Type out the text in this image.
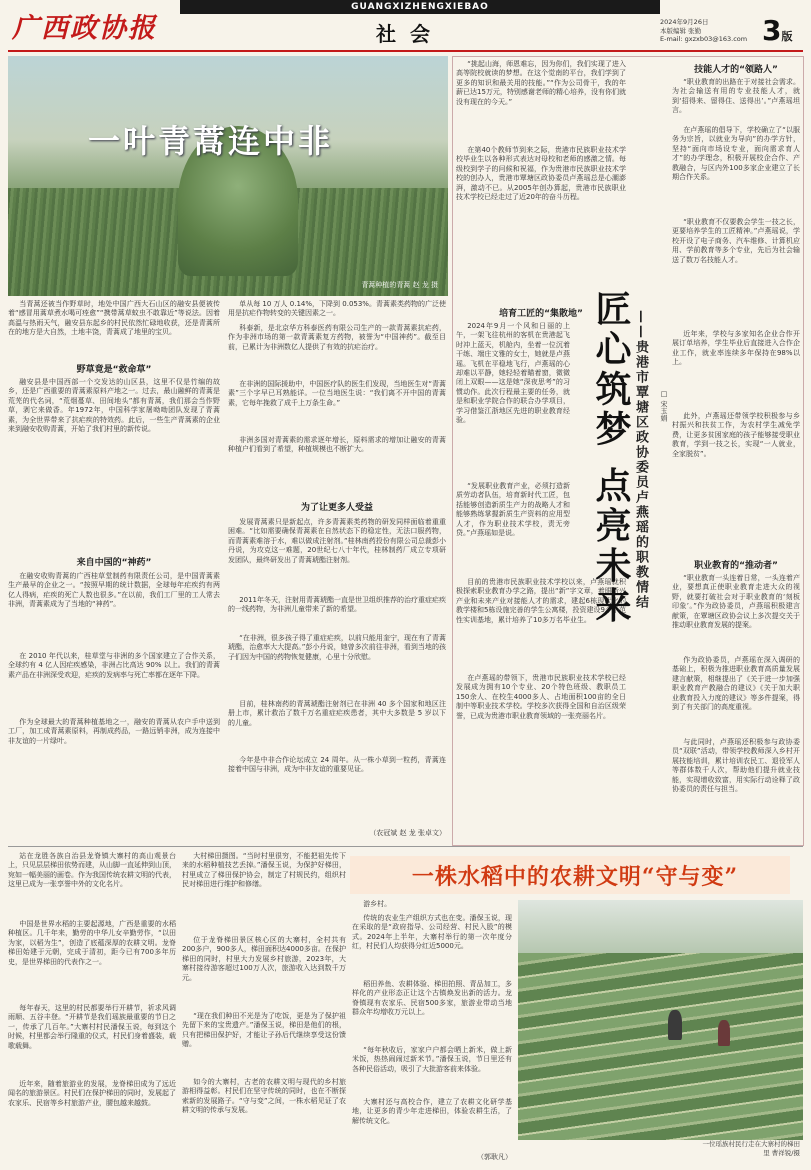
广西政协报
GUANGXIZHENGXIEBAO
社会	2024年9月26日
本版编辑 张勤
E-mail: gxzxb03@163.com 3版
一叶青蒿连中非
青蒿种植的青蒿 赵 龙 摄
当青蒿还被当作野草时，地处中国广西大石山区的融安县便被传着“感冒用蒿草煮水喝可痊愈”“携带蒿草蚊虫不敢靠近”等说法。因着高温与热雨天气，融安县东起乡的村民依然忙碌地收获，还是青蒿所在的地方是大自然，土地丰饶，青蒿成了地里的宝贝。
野草竟是“救命草”
融安县是中国西部一个交发达的山区县，这里不仅是竹编的故乡，还是广西重要的青蒿素原料产地之一。过去，最山融鲜的青蒿是荒芜的代名词，“荒烟蔓草、田间地头”都有青蒿，我们那会当作野草，剥它来做香。年1972年，中国科学家屠呦呦团队发现了青蒿素，为全世界带来了抗疟疾的特效药。此后，一些生产青蒿素的企业来到融安收购青蒿，开始了我们村里的新传说。
来自中国的“神药”
在融安收购青蒿的广西桂草堂制药有限责任公司，是中国青蒿素生产最早的企业之一。“按照早期的统计数据，全球每年疟疾约有两亿人得病，疟疾的死亡人数也很多。”在以前，我们工厂里的工人常去非洲，青蒿素成为了当地的“神药”。
在 2010 年代以来，桂草堂与非洲的多个国家建立了合作关系，全球约有 4 亿人因疟疾感染，非洲占比高达 90% 以上。我们的青蒿素产品在非洲深受欢迎，疟疾的发病率与死亡率都在逐年下降。
作为全球最大的青蒿种植基地之一，融安的青蒿从农户手中送到工厂，加工成青蒿素原料，再制成药品，一路远销非洲，成为连接中非友谊的一片绿叶。
单从每 10 万人 0.14%，下降到 0.053%。青蒿素类药物的广泛使用是抗疟作物转变的关键因素之一。
科泰新，是北京华方科泰医药有限公司生产的一款青蒿素抗疟药，作为非洲市场的第一款青蒿素复方药物，被誉为“中国神药”。截至目前，已累计为非洲数亿人提供了有效的抗疟治疗。
在非洲的国际援助中，中国医疗队的医生们发现，当地医生对“青蒿素”三个字早已耳熟能详。一位当地医生说：“我们离不开中国的青蒿素，它每年挽救了成千上万条生命。”
非洲多国对青蒿素的需求逐年增长，原料需求的增加让融安的青蒿种植户们看到了希望，种植规模也不断扩大。
为了让更多人受益
发展青蒿素只是新起点，许多青蒿素类药物的研发同样面临着重重困难。“比如需要确保青蒿素在自然状态下的稳定性，无法口服药物，而青蒿素难溶于水，难以做成注射剂。”桂林南药投份有限公司总裁彭小丹说，为攻克这一难题，20世纪七八十年代，桂林制药厂成立专项研发团队，最终研发出了青蒿琥酯注射剂。
2011年冬天，注射用青蒿琥酯一直是世卫组织推荐的治疗重症疟疾的一线药物，为非洲儿童带来了新的希望。
“在非洲，很多孩子得了重症疟疾，以前只能用奎宁，现在有了青蒿琥酯，治愈率大大提高。”彭小丹说，她曾多次前往非洲，看到当地的孩子们因为中国的药物恢复健康，心里十分欣慰。
目前，桂林南药的青蒿琥酯注射剂已在非洲 40 多个国家和地区注册上市，累计救治了数千万名重症疟疾患者，其中大多数是 5 岁以下的儿童。
今年是中非合作论坛成立 24 周年。从一株小草到一粒药，青蒿连接着中国与非洲，成为中非友谊的重要见证。
（农冠斌 赵 龙 张卓文）
“挑起山海，师恩难忘，因为你们，我们实现了进入高等院校就读的梦想。在这个觉南的平台，我们学到了更多的知识和最关用的技能。”“作为公司骨干，我的年薪已达15万元，特别感谢老师的精心培养，没有你们就没有现在的今天。”
在第40个教师节到来之际，贵港市民族职业技术学校毕业生以各种形式表达对母校和老师的感激之情。每级校到学子的问候和祝福，作为贵港市民族职业技术学校的创办人，贵港市覃塘区政协委员卢燕瑶总是心潮澎湃，激动不已。从2005年创办算起，贵港市民族职业技术学校已经走过了近20年的奋斗历程。
培育工匠的“集散地”
2024年9月一个风和日丽的上午，一架飞往杭州的客机在贵港起飞时冲上蓝天，机舱内，坐着一位沉着干练、端庄文雅的女士，她就是卢燕瑶。飞机在平稳地飞行，卢燕瑶的心却难以平静，她轻轻着瞄着窗，微微闭上双眼——这是她“深夜思考”的习惯动作。此次行程最主要的任务，就是和职业学院合作的联合办学项目，学习借鉴江浙地区先进的职业教育经验。
“发展职业教育产业，必须打造新质劳动者队伍，培育新时代工匠，包括能够创造新质生产力的战略人才和能够熟练掌握新质生产资料的应用型人才，作为职业技术学校，责无旁贷。”卢燕瑶如是说。
目前的贵港市民族职业技术学校以来，卢燕瑶就积极探索职业教育办学之路，提出“新”字文章，着眼新兴产业和未来产业对接能人才的需求，建起6栋现代化的教学楼和5栋设施完善的学生公寓楼，投资建设9个示范性实训基地，累计培养了10多万名毕业生。
在卢燕瑶的带领下，贵港市民族职业技术学校已经发展成为拥有10个专业、20个特色班级、教职员工150余人、在校生4000多人、占地面积100亩的全日制中等职业技术学校。学校多次获得全国和自治区级荣誉，已成为贵港市职业教育领域的一张亮丽名片。
匠心筑梦 点亮未来 ——贵港市覃塘区政协委员卢燕瑶的职教情结	□ 宋玉娟
技能人才的“领路人”
“职业教育的出路在于对接社会需求。为社会输送有用的专业技能人才，就到‘招得来、留得住、送得出’。”卢燕瑶坦言。
在卢燕瑶的倡导下，学校确立了“以服务为宗旨，以就业为导向”的办学方针，坚持“面向市场设专业，面向需求育人才”的办学理念，积极开展校企合作、产教融合，与区内外100多家企业建立了长期合作关系。
“职业教育不仅要教会学生一技之长，更要培养学生的工匠精神。”卢燕瑶说，学校开设了电子商务、汽车维修、计算机应用、学前教育等多个专业，先后为社会输送了数万名技能人才。
近年来，学校与多家知名企业合作开展订单培养，学生毕业后直接进入合作企业工作，就业率连续多年保持在98%以上。
此外，卢燕瑶还带领学校积极参与乡村振兴和扶贫工作，为农村学生减免学费，让更多贫困家庭的孩子能够接受职业教育，学到一技之长，实现“一人就业，全家脱贫”。
职业教育的“推动者”
“职业教育一头连着日常，一头连着产业，要想真正使职业教育走进大众的视野，就要打破社会对于职业教育的‘刻板印象’。”作为政协委员，卢燕瑶积极建言献策，在覃塘区政协会议上多次提交关于推动职业教育发展的提案。
作为政协委员，卢燕瑶在深入调研的基础上，积极为推进职业教育高质量发展建言献策，相继提出了《关于进一步加强职业教育产教融合的建议》《关于加大职业教育投入力度的建议》等多件提案，得到了有关部门的高度重视。
与此同时，卢燕瑶还积极参与政协委员“双联”活动，带领学校教师深入乡村开展技能培训，累计培训农民工、退役军人等群体数千人次，帮助他们提升就业技能，实现增收致富，用实际行动诠释了政协委员的责任与担当。
一株水稻中的农耕文明“守与变”
站在龙胜各族自治县龙脊镇大寨村的高山观景台上，只见层层梯田依势而建，从山脚一直延伸到山顶，宛如一幅美丽的画卷。作为我国传统农耕文明的代表，这里已成为一张享誉中外的文化名片。
中国是世界水稻的主要起源地，广西是重要的水稻种植区。几千年来，勤劳的中华儿女辛勤劳作，“以田为家，以稻为生”，创造了底蕴深厚的农耕文明。龙脊梯田始建于元朝，完成于清初，距今已有700多年历史，是世界梯田的代表作之一。
每年春天，这里的村民都要举行开耕节，祈求风调雨顺、五谷丰登。“开耕节是我们瑶族最重要的节日之一，传承了几百年。”大寨村村民潘保玉说，每到这个时候，村里都会举行隆重的仪式，村民们身着盛装，载歌载舞。
近年来，随着旅游业的发展，龙脊梯田成为了远近闻名的旅游景区。村民们在保护梯田的同时，发展起了农家乐、民宿等乡村旅游产业，腰包越来越鼓。
大村梯田摄图。“当时村里很穷，不能把祖先传下来的水稻种植技艺丢掉。”潘保玉说，为保护好梯田，村里成立了梯田保护协会，制定了村规民约，组织村民对梯田进行维护和修缮。
位于龙脊梯田景区核心区的大寨村，全村共有200多户，900多人，梯田面积达4000多亩。在保护梯田的同时，村里大力发展乡村旅游，2023年，大寨村接待游客超过100万人次，旅游收入达到数千万元。
“现在我们种田不光是为了吃饭，更是为了保护祖先留下来的宝贵遗产。”潘保玉说，梯田是他们的根，只有把梯田保护好，才能让子孙后代继续享受这份馈赠。
如今的大寨村，古老的农耕文明与现代的乡村旅游相得益彰。村民们在坚守传统的同时，也在不断探索新的发展路子。“守与变”之间，一株水稻见证了农耕文明的传承与发展。
游乡村。
传统的农业生产组织方式也在变。潘保玉说，现在采取的是“政府指导、公司经营、村民入股”的模式。2024年上半年，大寨村举行的第一次年度分红，村民们人均获得分红近5000元。
稻田养鱼、农耕体验、梯田拍照、青品加工，多样化的产业形态正让这个古镇焕发出新的活力。龙脊镇现有农家乐、民宿500多家，旅游业带动当地群众年均增收万元以上。
“每年秋收后，家家户户都会晒上新米，做上新米饭，热热闹闹过新米节。”潘保玉说，节日里还有各种民俗活动，吸引了大批游客前来体验。
大寨村还与高校合作，建立了农耕文化研学基地，让更多的青少年走进梯田，体验农耕生活，了解传统文化。
（郭耿凡）
一位瑶族村民行走在大寨村的梯田里 曹祥锐/摄
